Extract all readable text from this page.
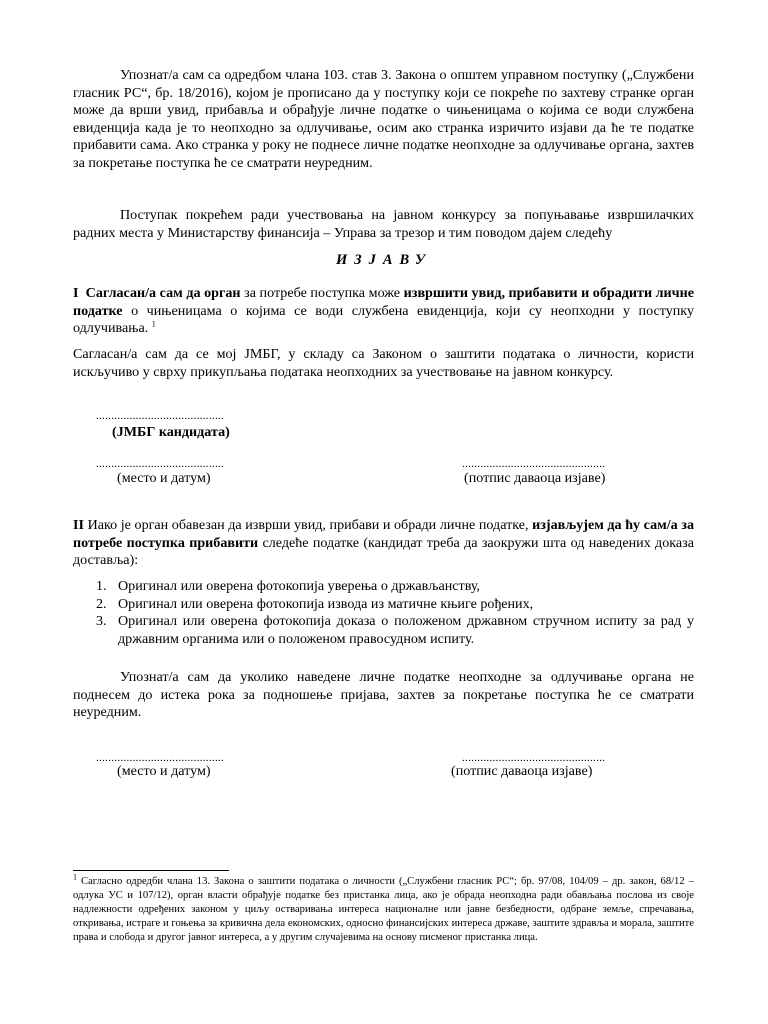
Упознат/а сам са одредбом члана 103. став 3. Закона о општем управном поступку („Службени гласник РС“, бр. 18/2016), којом је прописано да у поступку који се покреће по захтеву странке орган може да врши увид, прибавља и обрађује личне податке о чињеницама о којима се води службена евиденција када је то неопходно за одлучивање, осим ако странка изричито изјави да ће те податке прибавити сама. Ако странка у року не поднесе личне податке неопходне за одлучивање органа, захтев за покретање поступка ће се сматрати неуредним.

Поступак покрећем ради учествовања на јавном конкурсу за попуњавање извршилачких радних места у Министарству финансија – Управа за трезор и тим поводом дајем следећу

ИЗЈАВУ

I Сагласан/а сам да орган за потребе поступка може извршити увид, прибавити и обрадити личне податке о чињеницама о којима се води службена евиденција, који су неопходни у поступку одлучивања. $^1$

Сагласан/а сам да се мој ЈМБГ, у складу са Законом о заштити података о личности, користи искључиво у сврху прикупљања података неопходних за учествовање на јавном конкурсу.

..........................................
(ЈМБГ кандидата)
..........................................
(место и датум)
...............................................
(потпис даваоца изјаве)

II Иако је орган обавезан да изврши увид, прибави и обради личне податке, изјављујем да ћу сам/а за потребе поступка прибавити следеће податке (кандидат треба да заокружи шта од наведених доказа доставља):

1. Оригинал или оверена фотокопија уверења о држављанству,
2. Оригинал или оверена фотокопија извода из матичне књиге рођених,
3. Оригинал или оверена фотокопија доказа о положеном државном стручном испиту за рад у државним органима или о положеном правосудном испиту.

Упознат/а сам да уколико наведене личне податке неопходне за одлучивање органа не поднесем до истека рока за подношење пријава, захтев за покретање поступка ће се сматрати неуредним.

..........................................
(место и датум)
...............................................
(потпис даваоца изјаве)

$^1$ Сагласно одредби члана 13. Закона о заштити података о личности („Службени гласник РС“; бр. 97/08, 104/09 – др. закон, 68/12 – одлука УС и 107/12), орган власти обрађује податке без пристанка лица, ако је обрада неопходна ради обављања послова из своје надлежности одређених законом у циљу остваривања интереса националне или јавне безбедности, одбране земље, спречавања, откривања, истраге и гоњења за кривична дела економских, односно финансијских интереса државе, заштите здравља и морала, заштите права и слобода и другог јавног интереса, а у другим случајевима на основу писменог пристанка лица.
